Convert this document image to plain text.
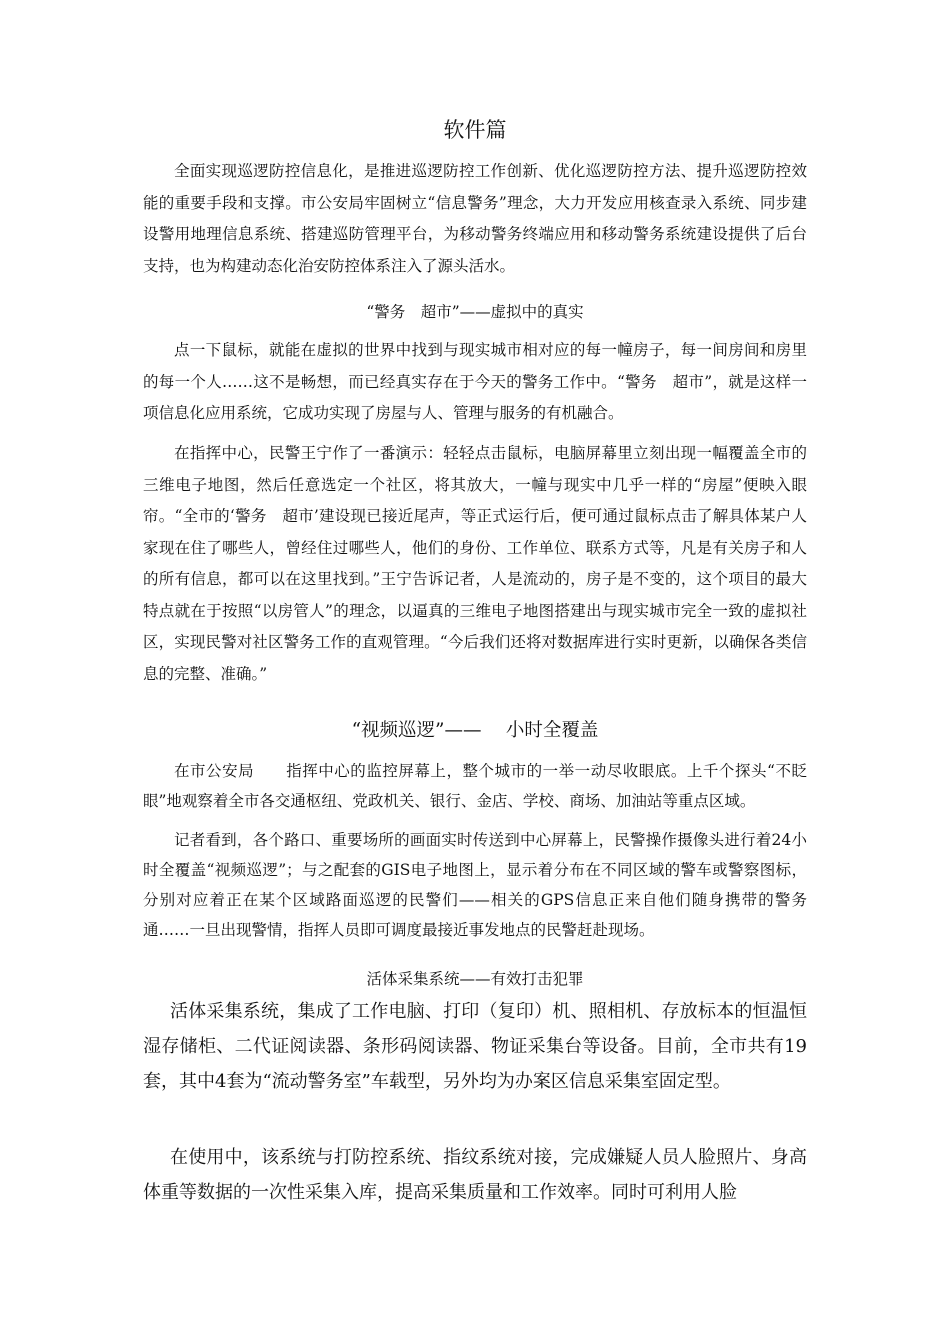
软件篇

全面实现巡逻防控信息化，是推进巡逻防控工作创新、优化巡逻防控方法、提升巡逻防控效能的重要手段和支撑。市公安局牢固树立“信息警务”理念，大力开发应用核查录入系统、同步建设警用地理信息系统、搭建巡防管理平台，为移动警务终端应用和移动警务系统建设提供了后台支持，也为构建动态化治安防控体系注入了源头活水。

“警务　超市”——虚拟中的真实

点一下鼠标，就能在虚拟的世界中找到与现实城市相对应的每一幢房子，每一间房间和房里的每一个人……这不是畅想，而已经真实存在于今天的警务工作中。“警务　超市”，就是这样一项信息化应用系统，它成功实现了房屋与人、管理与服务的有机融合。

在指挥中心，民警王宁作了一番演示：轻轻点击鼠标，电脑屏幕里立刻出现一幅覆盖全市的三维电子地图，然后任意选定一个社区，将其放大，一幢与现实中几乎一样的“房屋”便映入眼帘。“全市的‘警务　超市’建设现已接近尾声，等正式运行后，便可通过鼠标点击了解具体某户人家现在住了哪些人，曾经住过哪些人，他们的身份、工作单位、联系方式等，凡是有关房子和人的所有信息，都可以在这里找到。”王宁告诉记者，人是流动的，房子是不变的，这个项目的最大特点就在于按照“以房管人”的理念，以逼真的三维电子地图搭建出与现实城市完全一致的虚拟社区，实现民警对社区警务工作的直观管理。“今后我们还将对数据库进行实时更新，以确保各类信息的完整、准确。”

“视频巡逻”——　 小时全覆盖

在市公安局　　指挥中心的监控屏幕上，整个城市的一举一动尽收眼底。上千个探头“不眨眼”地观察着全市各交通枢纽、党政机关、银行、金店、学校、商场、加油站等重点区域。

记者看到，各个路口、重要场所的画面实时传送到中心屏幕上，民警操作摄像头进行着24小时全覆盖“视频巡逻”；与之配套的GIS电子地图上，显示着分布在不同区域的警车或警察图标，分别对应着正在某个区域路面巡逻的民警们——相关的GPS信息正来自他们随身携带的警务通……一旦出现警情，指挥人员即可调度最接近事发地点的民警赶赴现场。

活体采集系统——有效打击犯罪

活体采集系统，集成了工作电脑、打印（复印）机、照相机、存放标本的恒温恒湿存储柜、二代证阅读器、条形码阅读器、物证采集台等设备。目前，全市共有19套，其中4套为“流动警务室”车载型，另外均为办案区信息采集室固定型。

在使用中，该系统与打防控系统、指纹系统对接，完成嫌疑人员人脸照片、身高体重等数据的一次性采集入库，提高采集质量和工作效率。同时可利用人脸
